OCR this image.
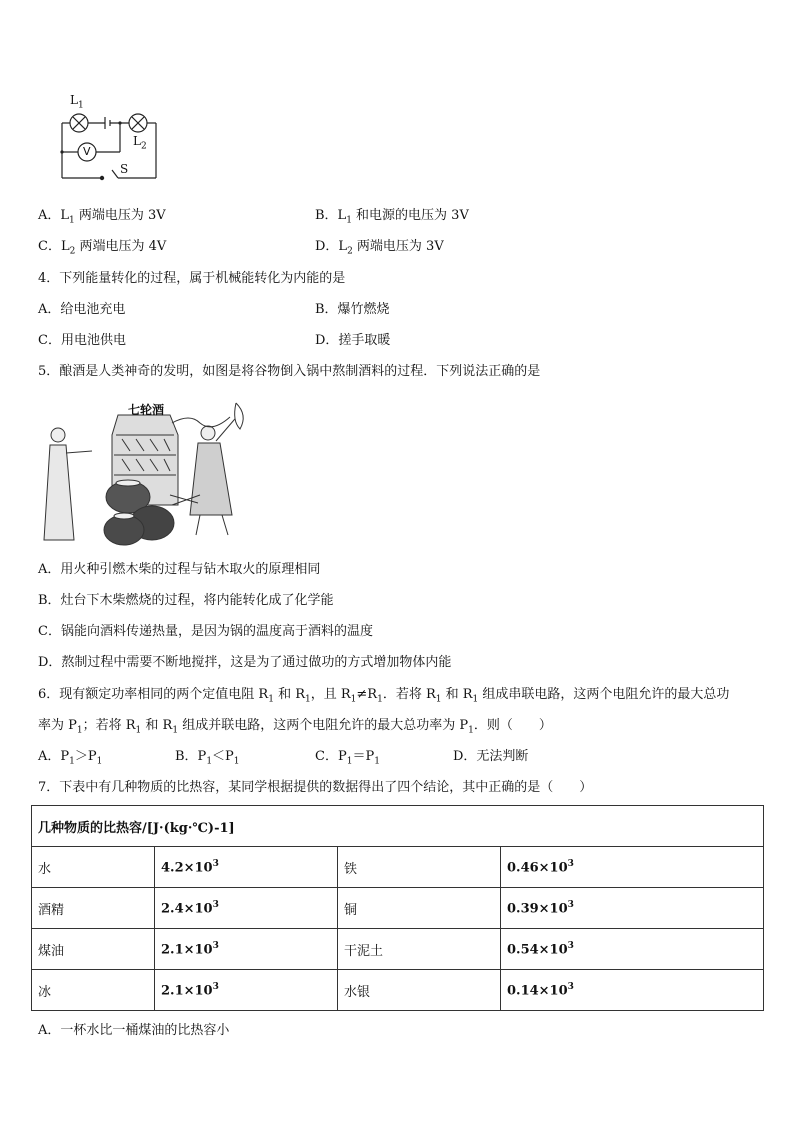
$L_1$
$L_2$
V
S
A．$L_1$ 两端电压为 3V	B．$L_1$ 和电源的电压为 3V
C．$L_2$ 两端电压为 4V	D．$L_2$ 两端电压为 3V
4．下列能量转化的过程，属于机械能转化为内能的是
A．给电池充电	B．爆竹燃烧
C．用电池供电	D．搓手取暖
5．酿酒是人类神奇的发明，如图是将谷物倒入锅中熬制酒料的过程．下列说法正确的是
七轮酒
A．用火种引燃木柴的过程与钻木取火的原理相同
B．灶台下木柴燃烧的过程，将内能转化成了化学能
C．锅能向酒料传递热量，是因为锅的温度高于酒料的温度
D．熬制过程中需要不断地搅拌，这是为了通过做功的方式增加物体内能
6．现有额定功率相同的两个定值电阻 $R_1$ 和 $R_1$，且 $R_1\ne R_1$．若将 $R_1$ 和 $R_1$ 组成串联电路，这两个电阻允许的最大总功
率为 $P_1$；若将 $R_1$ 和 $R_1$ 组成并联电路，这两个电阻允许的最大总功率为 $P_1$．则（　　）
A．$P_1>P_1$	B．$P_1<P_1$	C．$P_1=P_1$	D．无法判断
7．下表中有几种物质的比热容，某同学根据提供的数据得出了四个结论，其中正确的是（　　）
几种物质的比热容/[J·(kg·℃)-1]			
水	$4.2\times 10^3$	铁	$0.46\times 10^3$
酒精	$2.4\times 10^3$	铜	$0.39\times 10^3$
煤油	$2.1\times 10^3$	干泥土	$0.54\times 10^3$
冰	$2.1\times 10^3$	水银	$0.14\times 10^3$
A．一杯水比一桶煤油的比热容小
